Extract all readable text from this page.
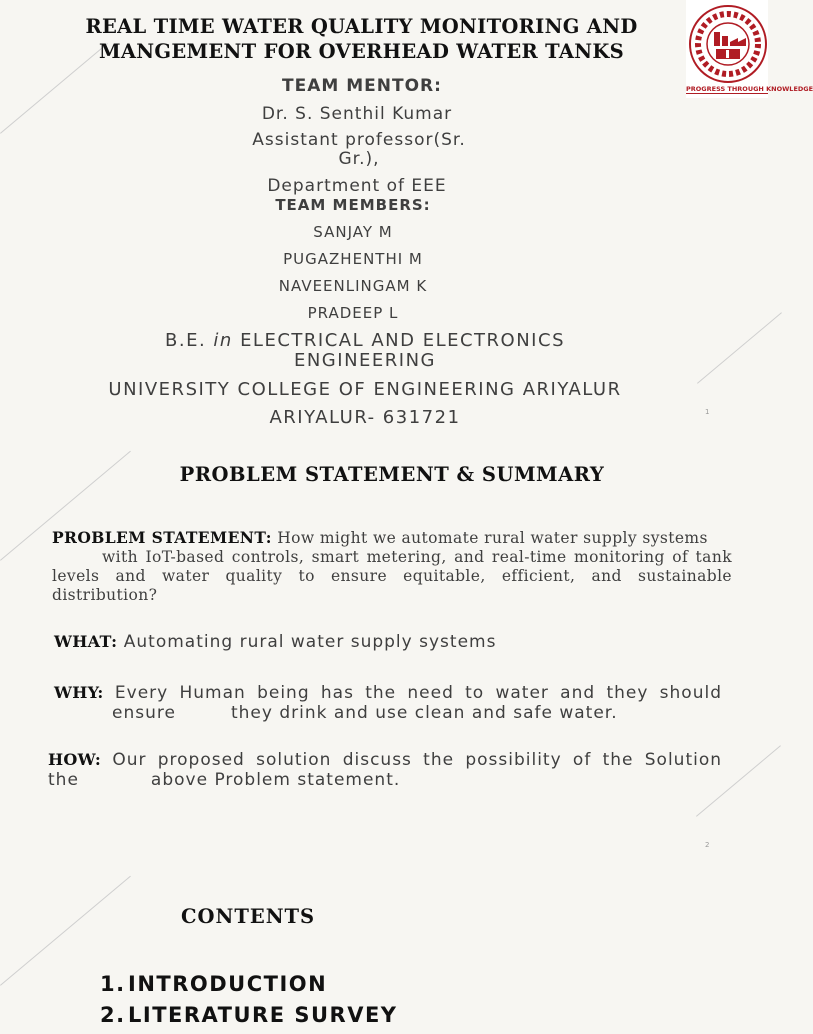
REAL TIME WATER QUALITY MONITORING AND
MANGEMENT FOR OVERHEAD WATER TANKS
PROGRESS THROUGH KNOWLEDGE
TEAM MENTOR:
Dr. S. Senthil Kumar
Assistant professor(Sr.
Gr.),
Department of EEE
TEAM MEMBERS:
SANJAY M
PUGAZHENTHI M
NAVEENLINGAM K
PRADEEP L
B.E. in ELECTRICAL AND ELECTRONICS
ENGINEERING
UNIVERSITY COLLEGE OF ENGINEERING ARIYALUR
ARIYALUR- 631721	1
PROBLEM STATEMENT & SUMMARY
PROBLEM STATEMENT: How might we automate rural water supply systems
with IoT-based controls, smart metering, and real-time monitoring of tank
levels and water quality to ensure equitable, efficient, and sustainable distribution?
WHAT: Automating rural water supply systems
WHY: Every Human being has the need to water and they should
ensure	they drink and use clean and safe water.
HOW: Our proposed solution discuss the possibility of the Solution
the	above Problem statement.
2
CONTENTS
1. INTRODUCTION
2. LITERATURE SURVEY
